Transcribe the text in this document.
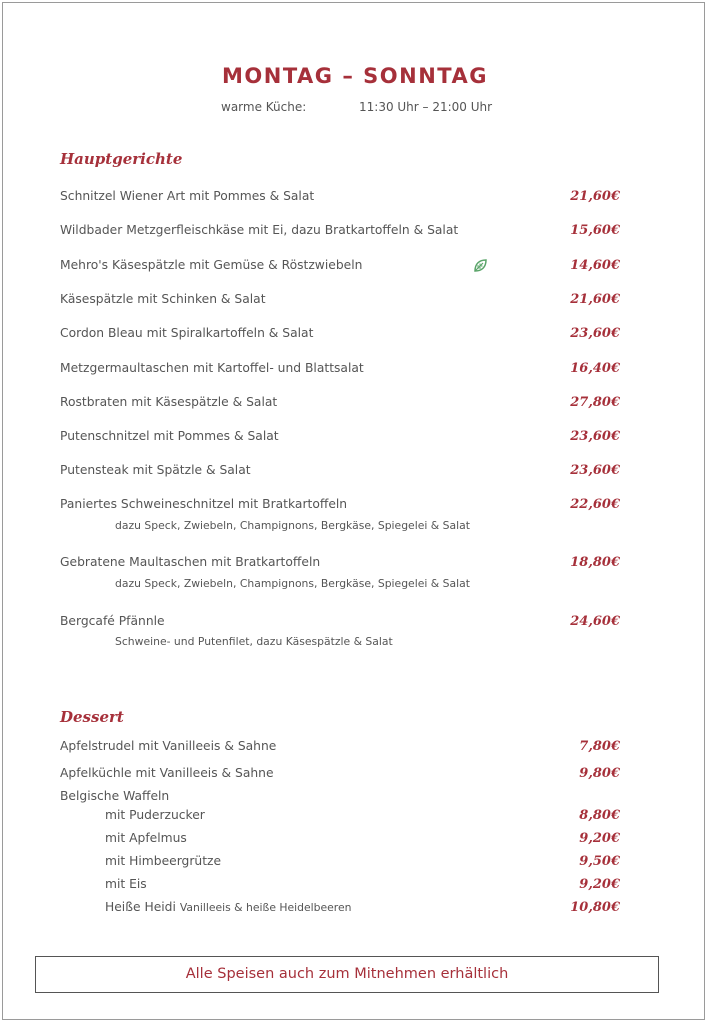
MONTAG – SONNTAG
warme Küche:	11:30 Uhr – 21:00 Uhr
Hauptgerichte
Schnitzel Wiener Art mit Pommes & Salat	21,60€
Wildbader Metzgerfleischkäse mit Ei, dazu Bratkartoffeln & Salat	15,60€
Mehro's Käsespätzle mit Gemüse & Röstzwiebeln	14,60€
Käsespätzle mit Schinken & Salat	21,60€
Cordon Bleau mit Spiralkartoffeln & Salat	23,60€
Metzgermaultaschen mit Kartoffel- und Blattsalat	16,40€
Rostbraten mit Käsespätzle & Salat	27,80€
Putenschnitzel mit Pommes & Salat	23,60€
Putensteak mit Spätzle & Salat	23,60€
Paniertes Schweineschnitzel mit Bratkartoffeln	22,60€
dazu Speck, Zwiebeln, Champignons, Bergkäse, Spiegelei & Salat
Gebratene Maultaschen mit Bratkartoffeln	18,80€
dazu Speck, Zwiebeln, Champignons, Bergkäse, Spiegelei & Salat
Bergcafé Pfännle	24,60€
Schweine- und Putenfilet, dazu Käsespätzle & Salat
Dessert
Apfelstrudel mit Vanilleeis & Sahne	7,80€
Apfelküchle mit Vanilleeis & Sahne	9,80€
Belgische Waffeln
mit Puderzucker	8,80€
mit Apfelmus	9,20€
mit Himbeergrütze	9,50€
mit Eis	9,20€
Heiße Heidi Vanilleeis & heiße Heidelbeeren	10,80€
Alle Speisen auch zum Mitnehmen erhältlich
